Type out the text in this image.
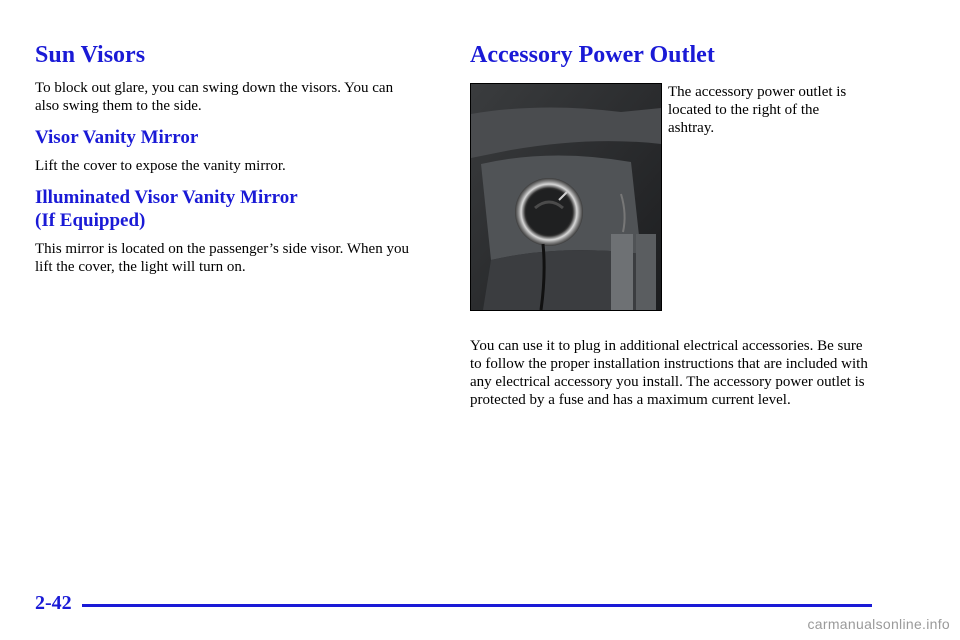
Sun Visors

To block out glare, you can swing down the visors. You can also swing them to the side.

Visor Vanity Mirror

Lift the cover to expose the vanity mirror.

Illuminated Visor Vanity Mirror
(If Equipped)

This mirror is located on the passenger’s side visor. When you lift the cover, the light will turn on.

Accessory Power Outlet

The accessory power outlet is located to the right of the ashtray.

You can use it to plug in additional electrical accessories. Be sure to follow the proper installation instructions that are included with any electrical accessory you install. The accessory power outlet is protected by a fuse and has a maximum current level.

2-42
carmanualsonline.info
